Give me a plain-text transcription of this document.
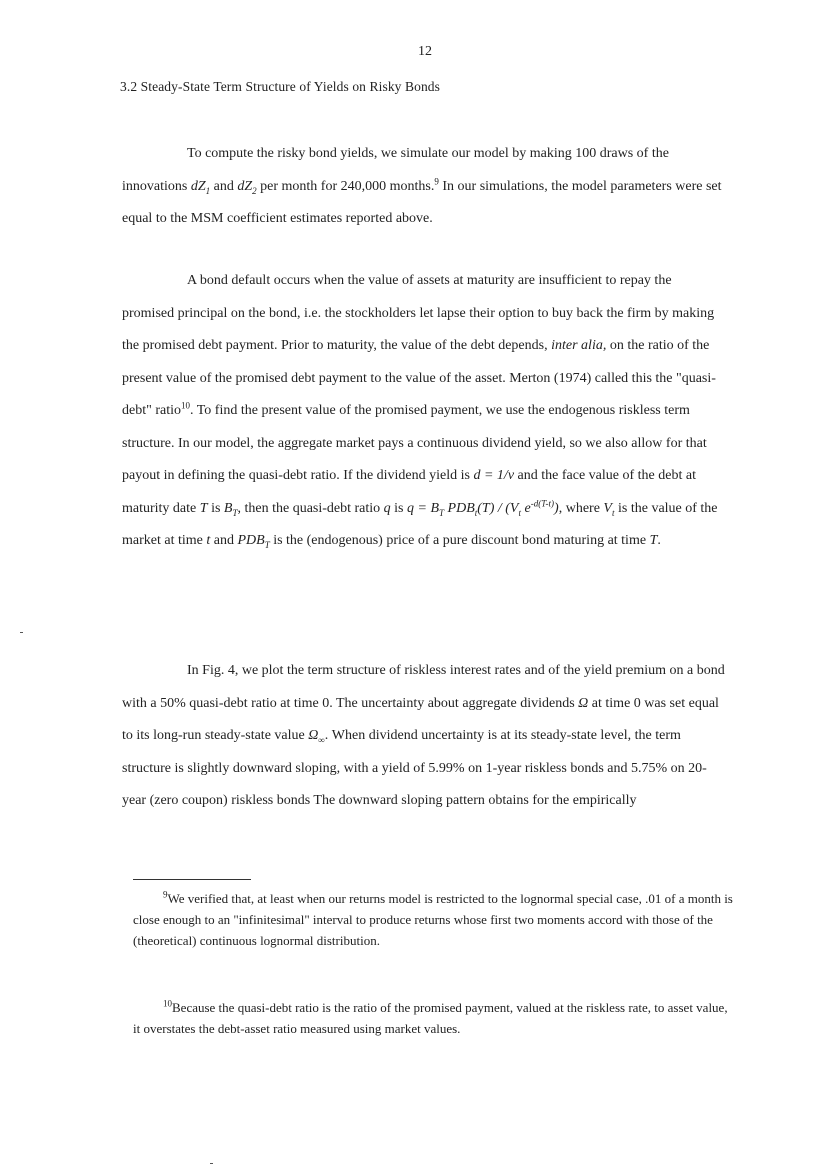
12
3.2 Steady-State Term Structure of Yields on Risky Bonds

To compute the risky bond yields, we simulate our model by making 100 draws of the innovations $dZ_1$ and $dZ_2$ per month for 240,000 months.$^9$ In our simulations, the model parameters were set equal to the MSM coefficient estimates reported above.

A bond default occurs when the value of assets at maturity are insufficient to repay the promised principal on the bond, i.e. the stockholders let lapse their option to buy back the firm by making the promised debt payment. Prior to maturity, the value of the debt depends, inter alia, on the ratio of the present value of the promised debt payment to the value of the asset. Merton (1974) called this the "quasi-debt" ratio$^{10}$. To find the present value of the promised payment, we use the endogenous riskless term structure. In our model, the aggregate market pays a continuous dividend yield, so we also allow for that payout in defining the quasi-debt ratio. If the dividend yield is d = 1/v and the face value of the debt at maturity date T is $B_T$, then the quasi-debt ratio q is $q = B_T$ $PDB_t(T) / (V_t$ $e^{-d(T-t)}$), where $V_t$ is the value of the market at time t and $PDB_T$ is the (endogenous) price of a pure discount bond maturing at time T.

In Fig. 4, we plot the term structure of riskless interest rates and of the yield premium on a bond with a 50% quasi-debt ratio at time 0. The uncertainty about aggregate dividends Ω at time 0 was set equal to its long-run steady-state value $\Omega_\infty$. When dividend uncertainty is at its steady-state level, the term structure is slightly downward sloping, with a yield of 5.99% on 1-year riskless bonds and 5.75% on 20-year (zero coupon) riskless bonds The downward sloping pattern obtains for the empirically

$^9$We verified that, at least when our returns model is restricted to the lognormal special case, .01 of a month is close enough to an "infinitesimal" interval to produce returns whose first two moments accord with those of the (theoretical) continuous lognormal distribution.

$^{10}$Because the quasi-debt ratio is the ratio of the promised payment, valued at the riskless rate, to asset value, it overstates the debt-asset ratio measured using market values.
